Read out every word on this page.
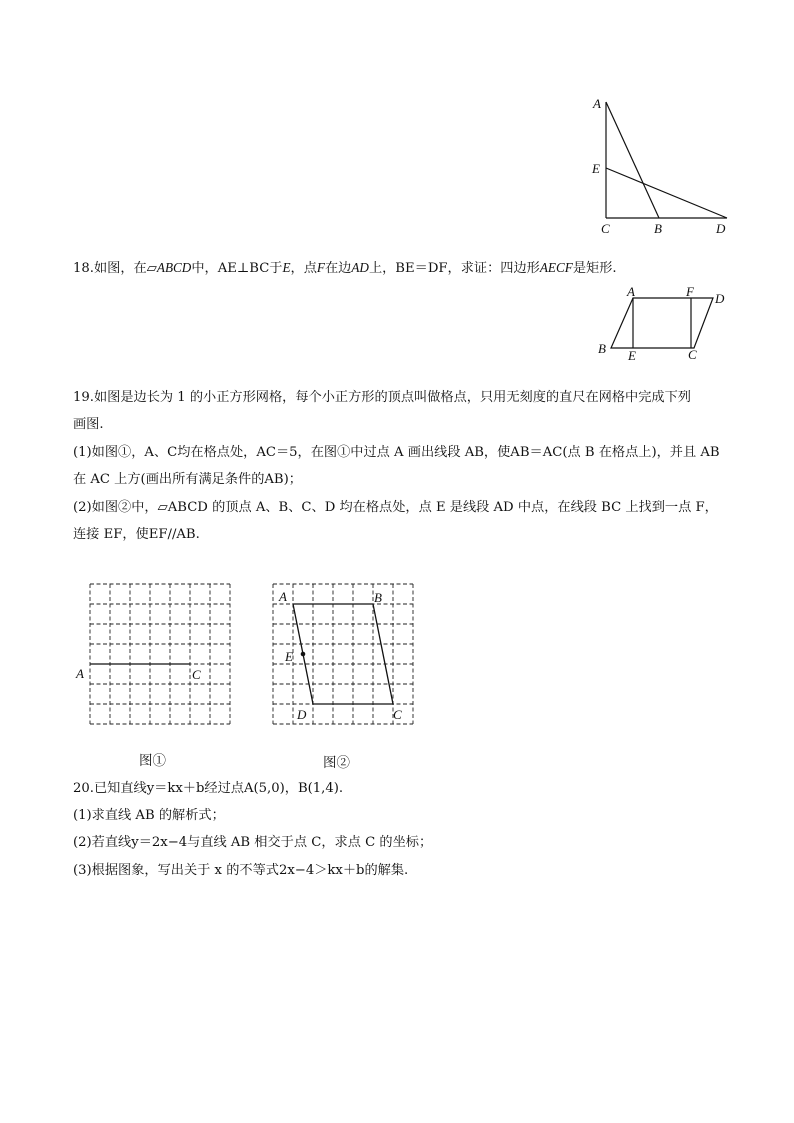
A
E
C	B	D
18.如图，在▱ABCD中，AE⊥BC于E，点F在边AD上，BE＝DF，求证：四边形AECF是矩形.
A	F D
B E	C
19.如图是边长为 1 的小正方形网格，每个小正方形的顶点叫做格点，只用无刻度的直尺在网格中完成下列
画图.
(1)如图①，A、C均在格点处，AC＝5，在图①中过点 A 画出线段 AB，使AB＝AC(点 B 在格点上)，并且 AB
在 AC 上方(画出所有满足条件的AB)；
(2)如图②中，▱ABCD 的顶点 A、B、C、D 均在格点处，点 E 是线段 AD 中点，在线段 BC 上找到一点 F，
连接 EF，使EF//AB.
A	C
A	B
E
D	C
图①	图②
20.已知直线y＝kx＋b经过点A(5,0)，B(1,4).
(1)求直线 AB 的解析式；
(2)若直线y＝2x−4与直线 AB 相交于点 C，求点 C 的坐标；
(3)根据图象，写出关于 x 的不等式2x−4＞kx＋b的解集.
